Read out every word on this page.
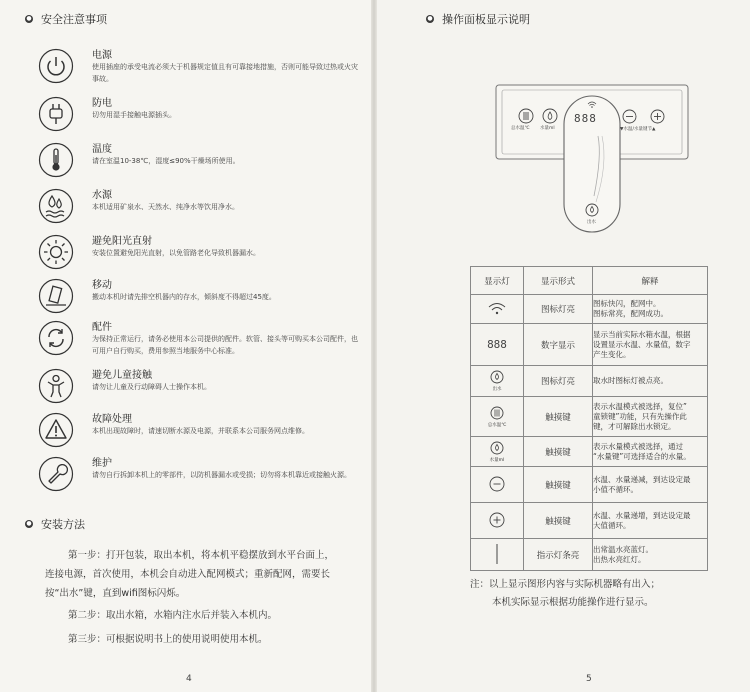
● 安全注意事项
电源
使用插座的承受电流必须大于机器规定值且有可靠接地措施，否则可能导致过热或火灾事故。
防电
切勿用湿手接触电源插头。
温度
请在室温10-38℃，湿度≤90%干燥场所使用。
水源
本机适用矿泉水、天然水、纯净水等饮用净水。
避免阳光直射
安装位置避免阳光直射，以免管路老化导致机器漏水。
移动
搬动本机时请先排空机器内的存水，倾斜度不得超过45度。
配件
为保持正常运行，请务必使用本公司提供的配件。软管、接头等可购买本公司配件，也可用户自行购买，费用参照当地服务中心标准。
避免儿童接触
请勿让儿童及行动障碍人士操作本机。
故障处理
本机出现故障时，请速切断水源及电源，并联系本公司服务网点维修。
维护
请勿自行拆卸本机上的零部件，以防机器漏水或受损；切勿将本机靠近或接触火源。
● 安装方法

第一步：打开包装，取出本机，将本机平稳摆放到水平台面上，

连接电源，首次使用，本机会自动进入配网模式；重新配网，需要长

按“出水”键，直到wifi图标闪烁。

第二步：取出水箱，水箱内注水后并装入本机内。

第三步：可根据说明书上的使用说明使用本机。

4
● 操作面板显示说明
总水温℃ 水量ml
888
▼水温/水量键节▲
出水
显示灯	显示形式	解释
	图标灯亮	图标快闪，配网中。
图标常亮，配网成功。

888	数字显示	显示当前实际水箱水温，根据
设置显示水温、水量值，数字
产生变化。

出水	图标灯亮	取水时图标灯被点亮。

总水温℃	触摸键	表示水温模式被选择，复位”
童锁键”功能，只有先操作此
键，才可解除出水锁定。

水量ml	触摸键	表示水量模式被选择，通过
“水量键”可选择适合的水量。

	触摸键	水温、水量递减，到达设定最
小值不循环。

	触摸键	水温、水量递增，到达设定最
大值循环。

	指示灯条亮	出常温水亮蓝灯。
出热水亮红灯。
注：以上显示图形内容与实际机器略有出入；
本机实际显示根据功能操作进行显示。
5
